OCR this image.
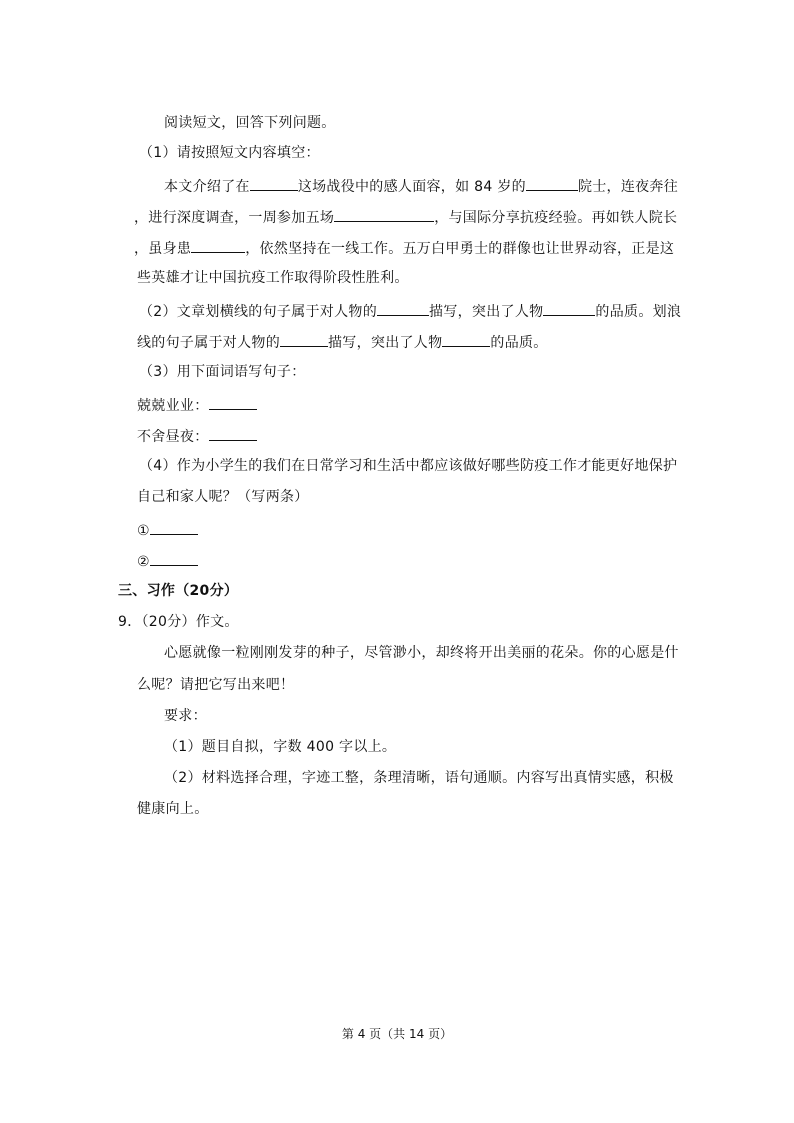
阅读短文，回答下列问题。
（1）请按照短文内容填空：
本文介绍了在	这场战役中的感人面容，如 84 岁的	院士，连夜奔往
，进行深度调查，一周参加五场	，与国际分享抗疫经验。再如铁人院长
，虽身患	，依然坚持在一线工作。五万白甲勇士的群像也让世界动容，正是这
些英雄才让中国抗疫工作取得阶段性胜利。
（2）文章划横线的句子属于对人物的	描写，突出了人物	的品质。划浪
线的句子属于对人物的	描写，突出了人物	的品质。
（3）用下面词语写句子：
兢兢业业：
不舍昼夜：
（4）作为小学生的我们在日常学习和生活中都应该做好哪些防疫工作才能更好地保护
自己和家人呢？（写两条）
①
②
三、习作（20分）
9．（20分）作文。
心愿就像一粒刚刚发芽的种子，尽管渺小，却终将开出美丽的花朵。你的心愿是什
么呢？请把它写出来吧！
要求：
（1）题目自拟，字数 400 字以上。
（2）材料选择合理，字迹工整，条理清晰，语句通顺。内容写出真情实感，积极
健康向上。
第 4 页（共 14 页）
